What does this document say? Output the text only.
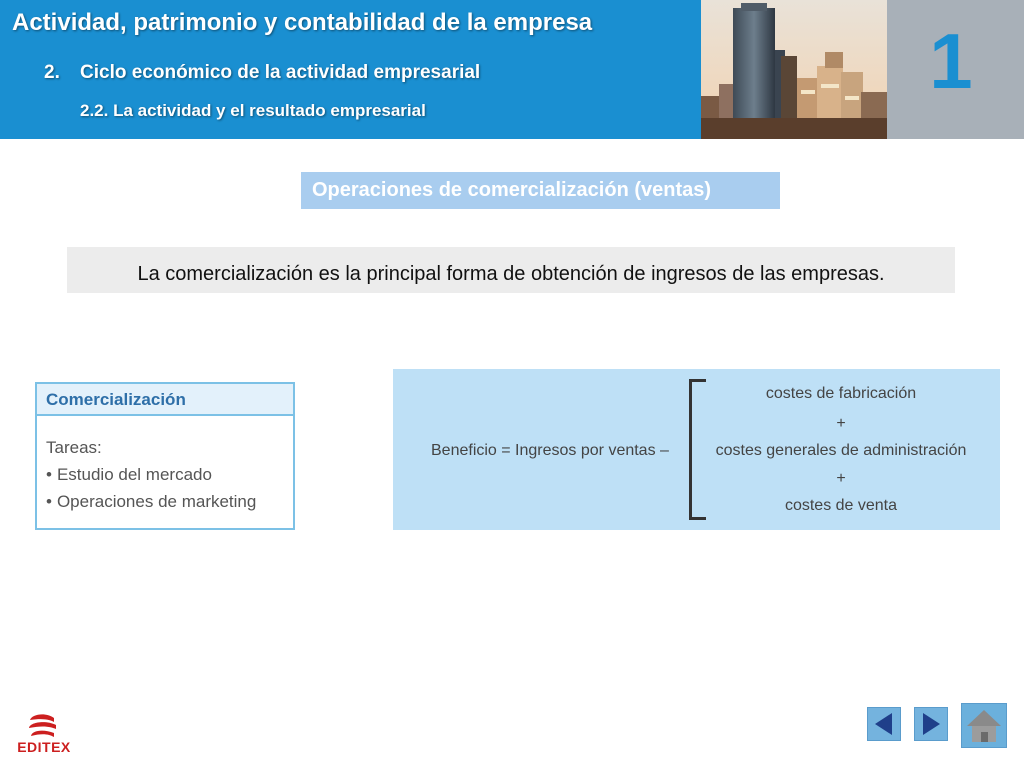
Actividad, patrimonio y contabilidad de la empresa
2. Ciclo económico de la actividad empresarial
2.2. La actividad y el resultado empresarial
1
Operaciones de comercialización (ventas)
La comercialización es la principal forma de obtención de ingresos de las empresas.
Comercialización
Tareas:
• Estudio del mercado
• Operaciones de marketing
Beneficio = Ingresos por ventas –
costes de fabricación
+
costes generales de administración
+
costes de venta
EDITEX
